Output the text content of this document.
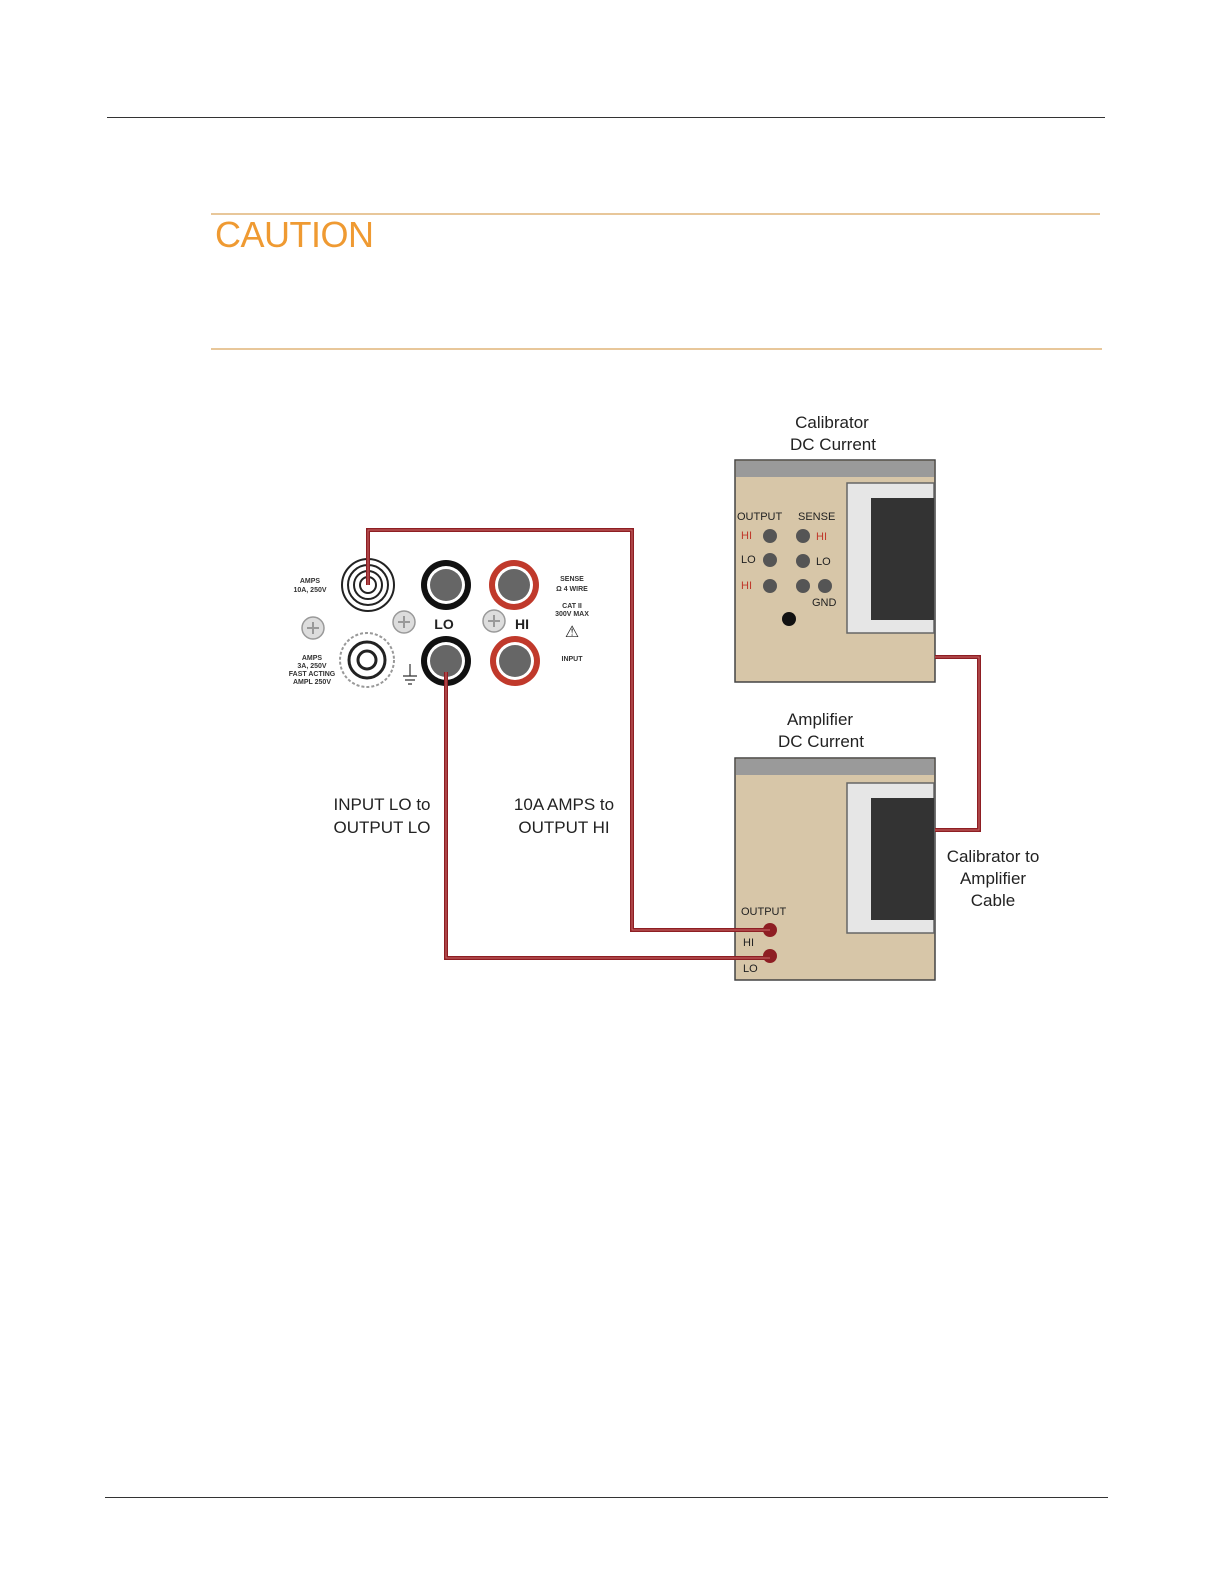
CAUTION
Calibrator
DC Current
OUTPUT SENSE
HI
LO
HI
HI
LO
GND
Amplifier
DC Current
OUTPUT
HI
LO
AMPS
10A, 250V
AMPS
3A, 250V
FAST ACTING
AMPL 250V
SENSE
Ω 4 WIRE
CAT II
300V MAX
⚠
LO	HI
INPUT
INPUT LO to
OUTPUT LO
10A AMPS to
OUTPUT HI
Calibrator to
Amplifier
Cable
